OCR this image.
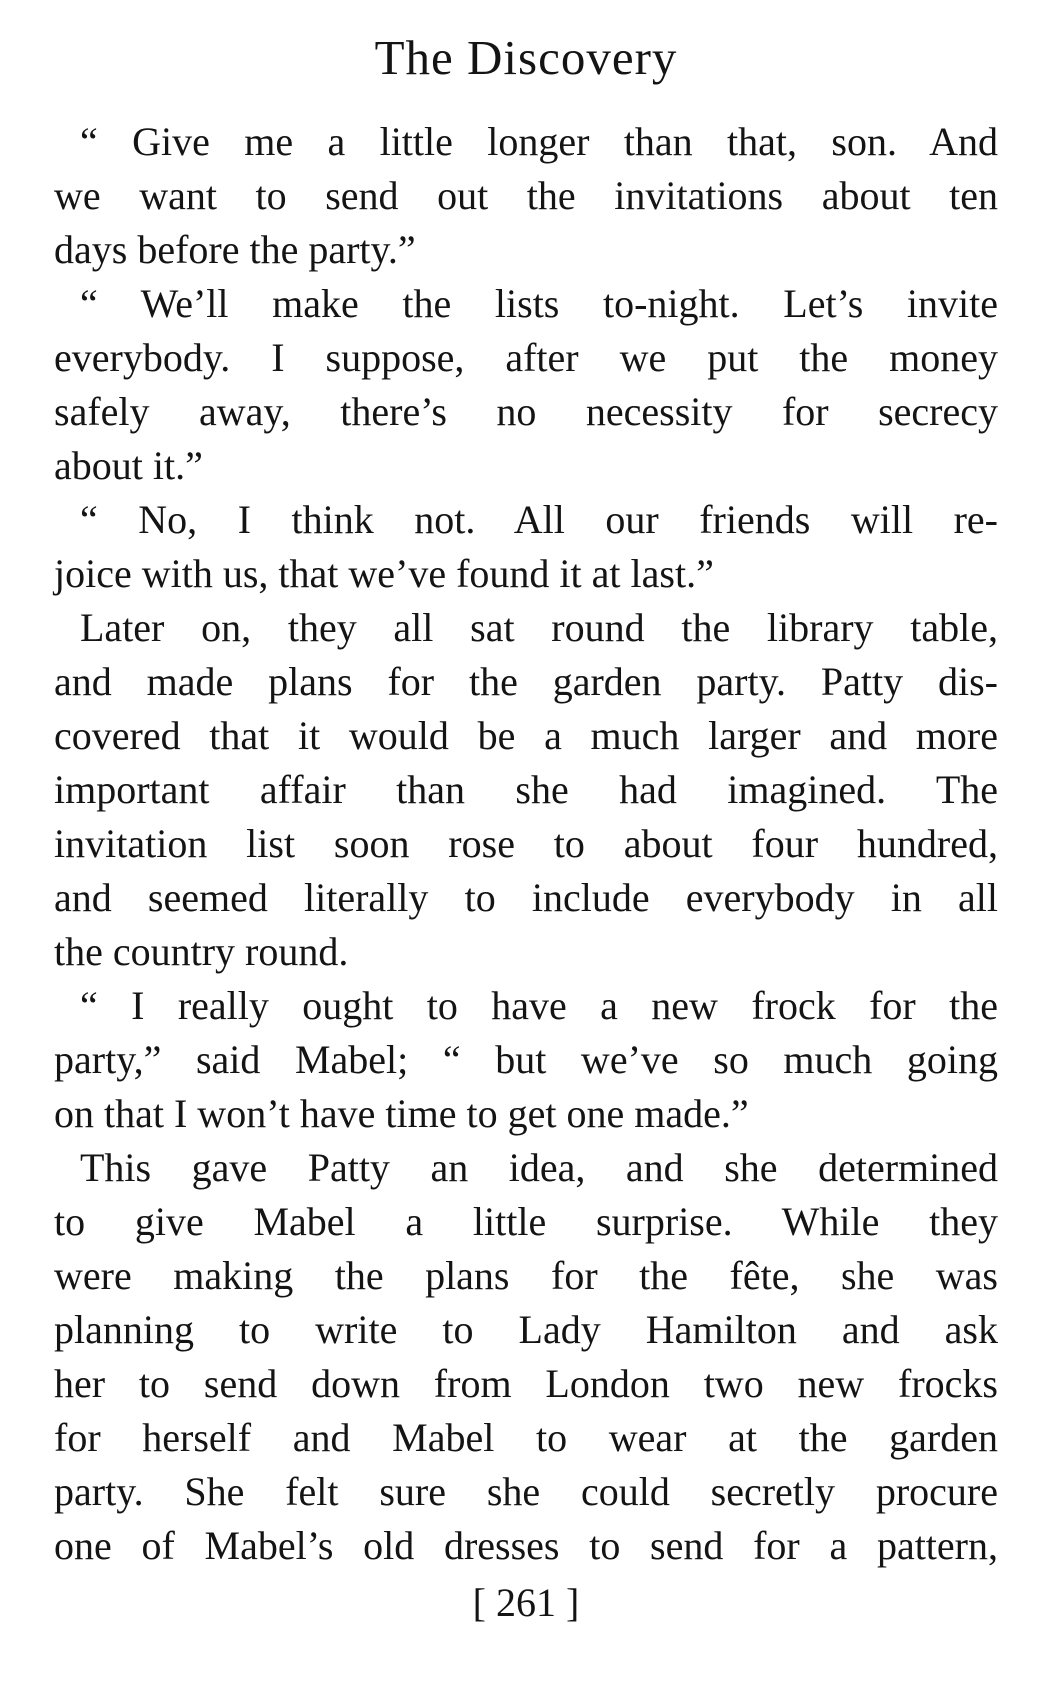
The Discovery
“ Give me a little longer than that, son. And
we want to send out the invitations about ten
days before the party.”
“ We’ll make the lists to-night. Let’s invite
everybody. I suppose, after we put the money
safely away, there’s no necessity for secrecy
about it.”
“ No, I think not. All our friends will re-
joice with us, that we’ve found it at last.”
Later on, they all sat round the library table,
and made plans for the garden party. Patty dis-
covered that it would be a much larger and more
important affair than she had imagined. The
invitation list soon rose to about four hundred,
and seemed literally to include everybody in all
the country round.
“ I really ought to have a new frock for the
party,” said Mabel; “ but we’ve so much going
on that I won’t have time to get one made.”
This gave Patty an idea, and she determined
to give Mabel a little surprise. While they
were making the plans for the fête, she was
planning to write to Lady Hamilton and ask
her to send down from London two new frocks
for herself and Mabel to wear at the garden
party. She felt sure she could secretly procure
one of Mabel’s old dresses to send for a pattern,
[ 261 ]
